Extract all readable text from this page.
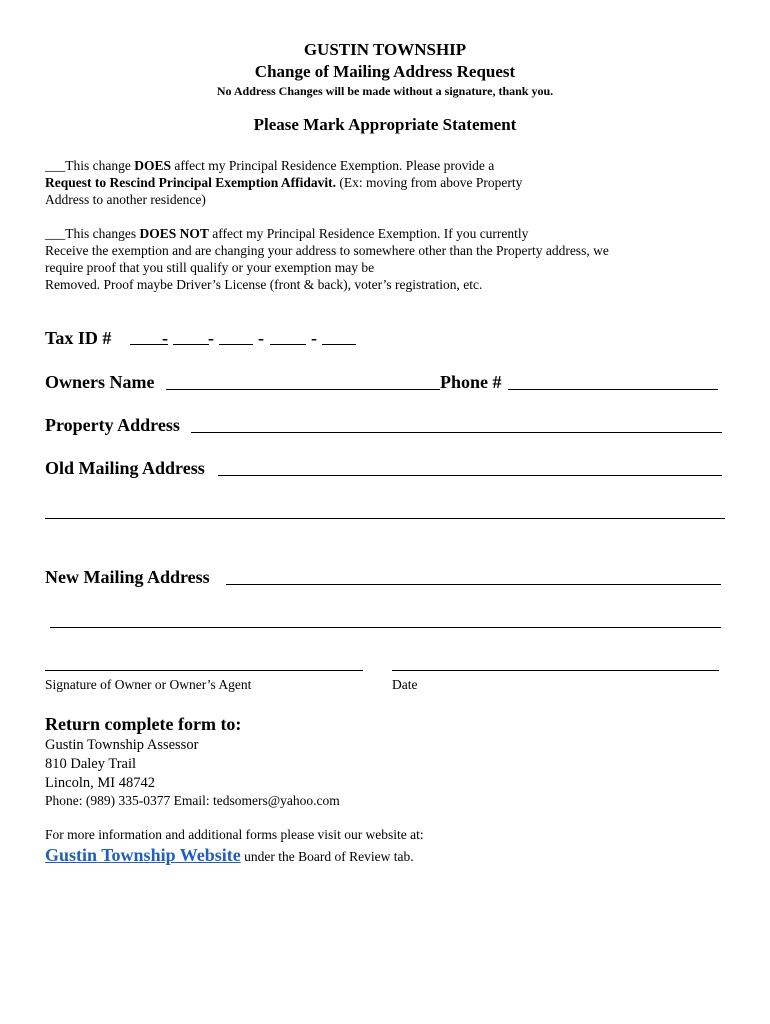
GUSTIN TOWNSHIP
Change of Mailing Address Request
No Address Changes will be made without a signature, thank you.
Please Mark Appropriate Statement
___This change DOES affect my Principal Residence Exemption. Please provide a
Request to Rescind Principal Exemption Affidavit. (Ex: moving from above Property
Address to another residence)
___This changes DOES NOT affect my Principal Residence Exemption. If you currently
Receive the exemption and are changing your address to somewhere other than the Property address, we
require proof that you still qualify or your exemption may be
Removed. Proof maybe Driver’s License (front & back), voter’s registration, etc.
Tax ID #	- - -	-
Owners Name	Phone #
Property Address
Old Mailing Address
New Mailing Address
Signature of Owner or Owner’s Agent	Date
Return complete form to:
Gustin Township Assessor
810 Daley Trail
Lincoln, MI 48742
Phone: (989) 335-0377 Email: tedsomers@yahoo.com
For more information and additional forms please visit our website at:
Gustin Township Website under the Board of Review tab.
